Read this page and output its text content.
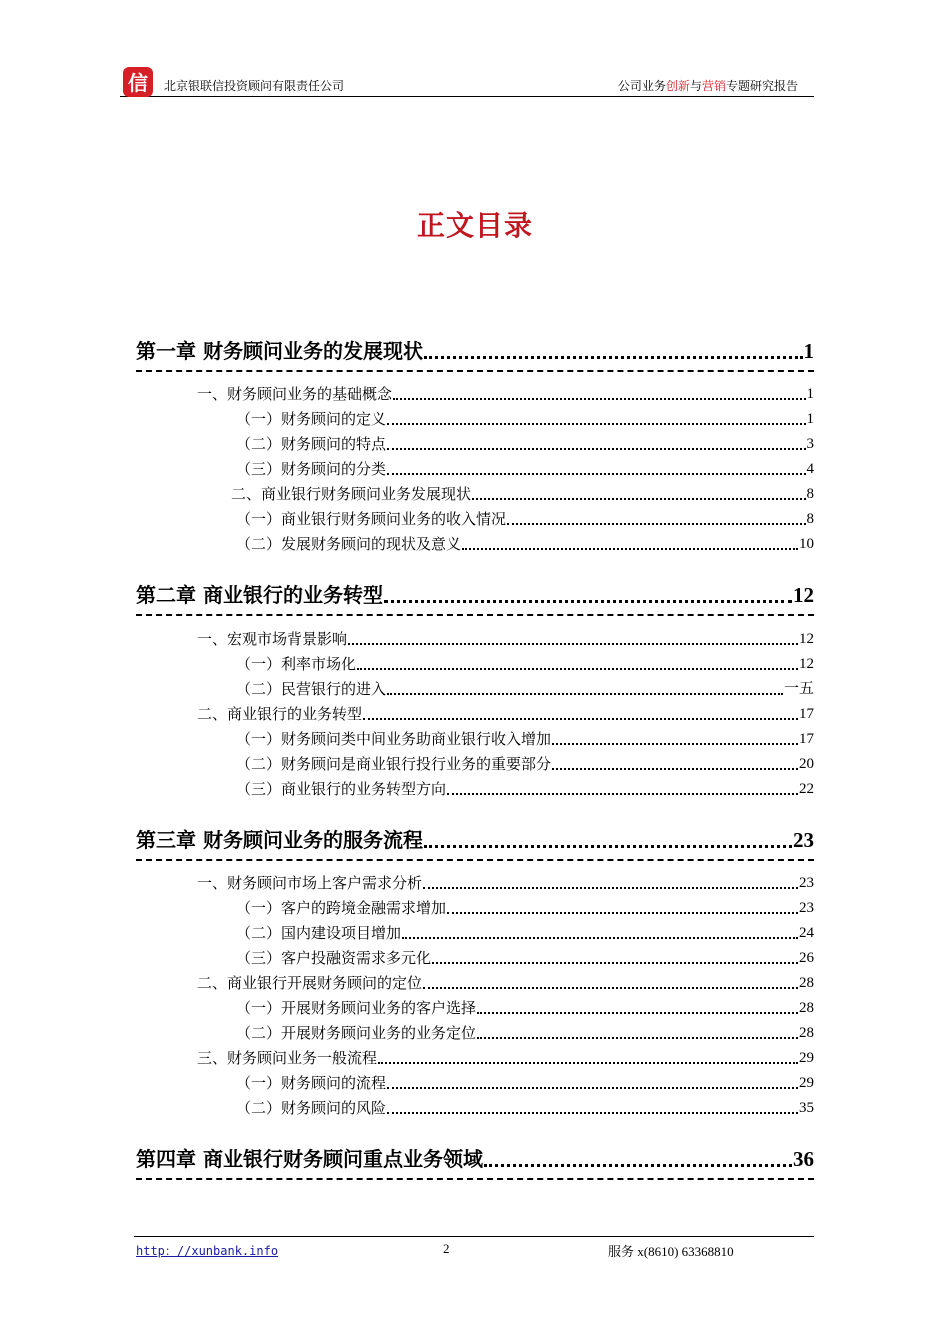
信 北京银联信投资顾问有限责任公司	公司业务创新与营销专题研究报告
正文目录
第一章 财务顾问业务的发展现状	1
一、财务顾问业务的基础概念	1
（一）财务顾问的定义	1
（二）财务顾问的特点	3
（三）财务顾问的分类	4
二、商业银行财务顾问业务发展现状	8
（一）商业银行财务顾问业务的收入情况	8
（二）发展财务顾问的现状及意义	10
第二章 商业银行的业务转型	12
一、宏观市场背景影响	12
（一）利率市场化	12
（二）民营银行的进入	一五
二、商业银行的业务转型	17
（一）财务顾问类中间业务助商业银行收入增加	17
（二）财务顾问是商业银行投行业务的重要部分	20
（三）商业银行的业务转型方向	22
第三章 财务顾问业务的服务流程	23
一、财务顾问市场上客户需求分析	23
（一）客户的跨境金融需求增加	23
（二）国内建设项目增加	24
（三）客户投融资需求多元化	26
二、商业银行开展财务顾问的定位	28
（一）开展财务顾问业务的客户选择	28
（二）开展财务顾问业务的业务定位	28
三、财务顾问业务一般流程	29
（一）财务顾问的流程	29
（二）财务顾问的风险	35
第四章 商业银行财务顾问重点业务领域	36
http：//xunbank.info	2	服务 x(8610) 63368810
